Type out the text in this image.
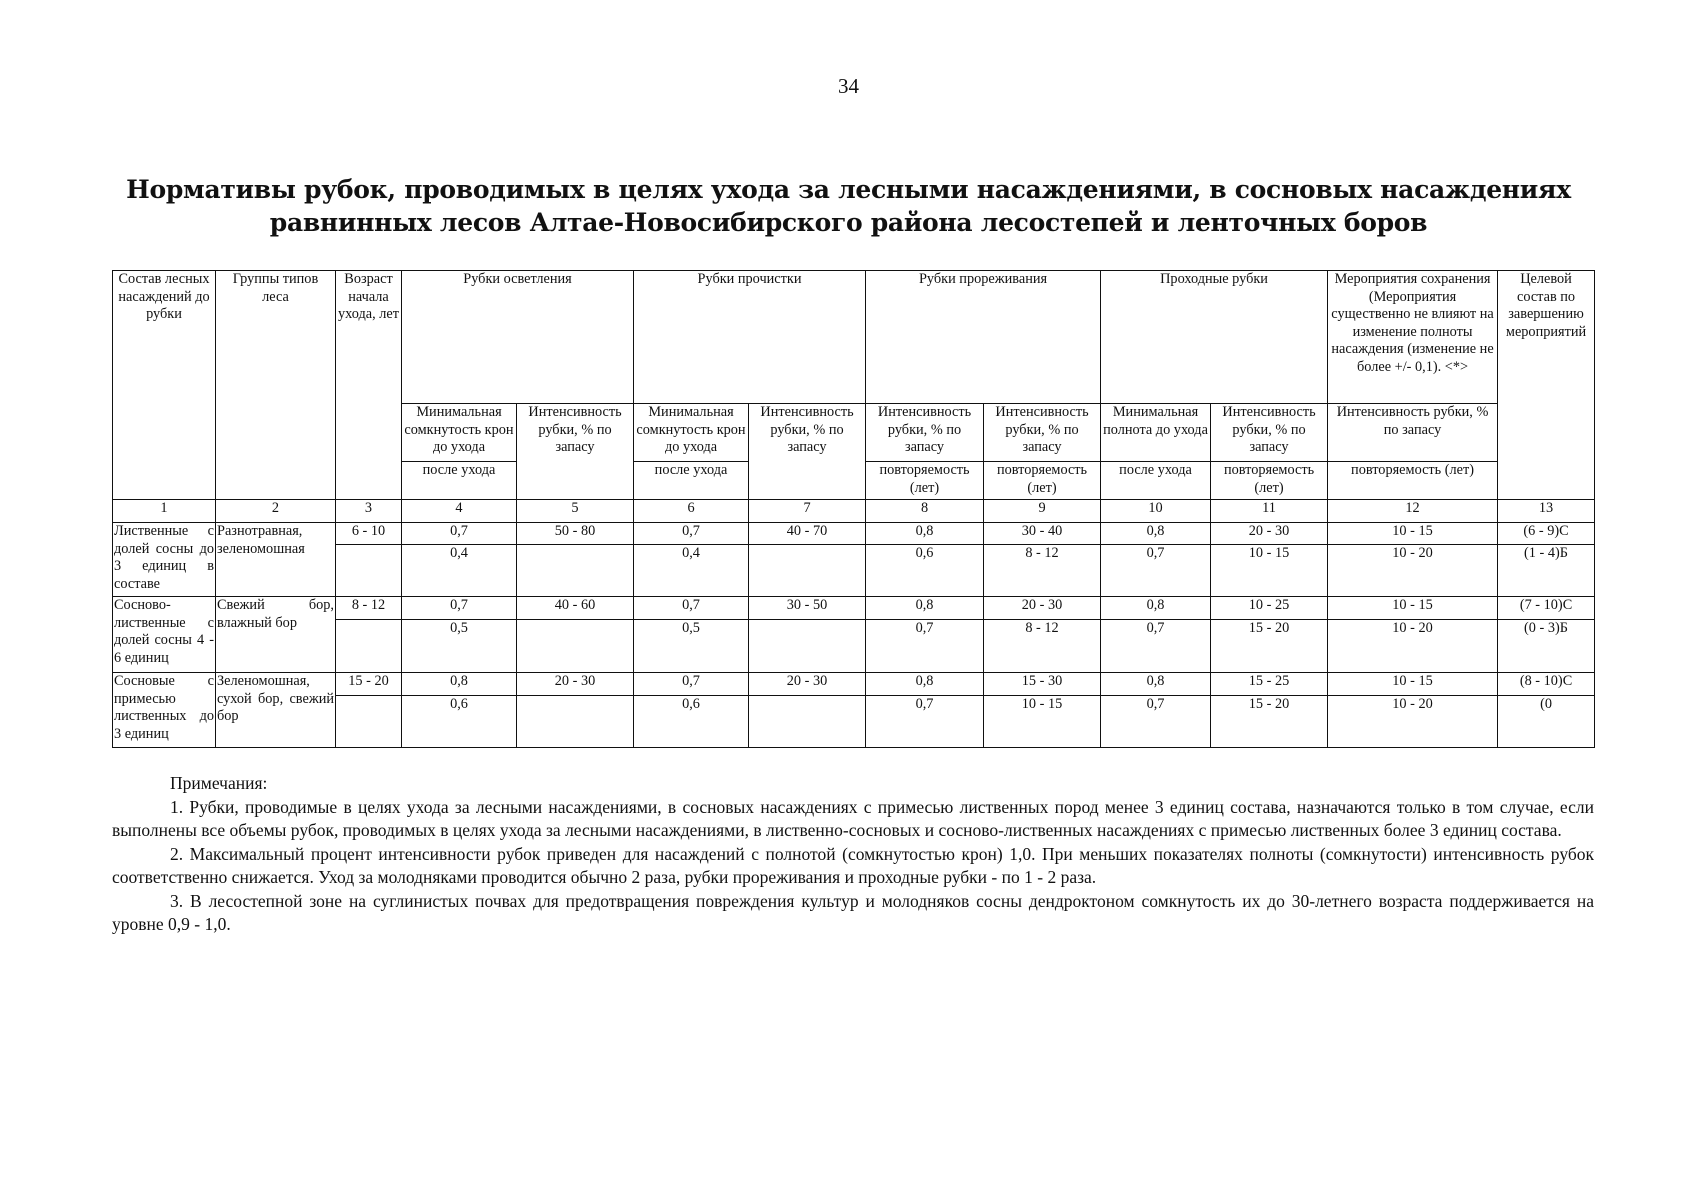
34
Нормативы рубок, проводимых в целях ухода за лесными насаждениями, в сосновых насаждениях
равнинных лесов Алтае-Новосибирского района лесостепей и ленточных боров
Состав лесных насаждений до рубки	Группы типов леса	Возраст начала ухода, лет	Рубки осветления		Рубки прочистки		Рубки прореживания		Проходные рубки		Мероприятия сохранения (Мероприятия существенно не влияют на изменение полноты насаждения (изменение не более +/- 0,1). <*>	Целевой состав по завершению мероприятий
			Минимальная сомкнутость крон до ухода	Интенсивность рубки, % по запасу	Минимальная сомкнутость крон до ухода	Интенсивность рубки, % по запасу	Интенсивность рубки, % по запасу	Интенсивность рубки, % по запасу	Минимальная полнота до ухода	Интенсивность рубки, % по запасу	Интенсивность рубки, % по запасу	
			после ухода		после ухода		повторяемость (лет)	повторяемость (лет)	после ухода	повторяемость (лет)	повторяемость (лет)	
1	2	3	4	5	6	7	8	9	10	11	12	13
Лиственные с долей сосны до 3 единиц в составе	Разнотравная, зеленомошная	6 - 10	0,7	50 - 80	0,7	40 - 70	0,8	30 - 40	0,8	20 - 30	10 - 15	(6 - 9)С
			0,4		0,4		0,6	8 - 12	0,7	10 - 15	10 - 20	(1 - 4)Б
Сосново-лиственные с долей сосны 4 - 6 единиц	Свежий бор, влажный бор	8 - 12	0,7	40 - 60	0,7	30 - 50	0,8	20 - 30	0,8	10 - 25	10 - 15	(7 - 10)С
			0,5		0,5		0,7	8 - 12	0,7	15 - 20	10 - 20	(0 - 3)Б
Сосновые с примесью лиственных до 3 единиц	Зеленомошная, сухой бор, свежий бор	15 - 20	0,8	20 - 30	0,7	20 - 30	0,8	15 - 30	0,8	15 - 25	10 - 15	(8 - 10)С
			0,6		0,6		0,7	10 - 15	0,7	15 - 20	10 - 20	(0

Примечания:

1. Рубки, проводимые в целях ухода за лесными насаждениями, в сосновых насаждениях с примесью лиственных пород менее 3 единиц состава, назначаются только в том случае, если выполнены все объемы рубок, проводимых в целях ухода за лесными насаждениями, в лиственно-сосновых и сосново-лиственных насаждениях с примесью лиственных более 3 единиц состава.

2. Максимальный процент интенсивности рубок приведен для насаждений с полнотой (сомкнутостью крон) 1,0. При меньших показателях полноты (сомкнутости) интенсивность рубок соответственно снижается. Уход за молодняками проводится обычно 2 раза, рубки прореживания и проходные рубки - по 1 - 2 раза.

3. В лесостепной зоне на суглинистых почвах для предотвращения повреждения культур и молодняков сосны дендроктоном сомкнутость их до 30-летнего возраста поддерживается на уровне 0,9 - 1,0.
